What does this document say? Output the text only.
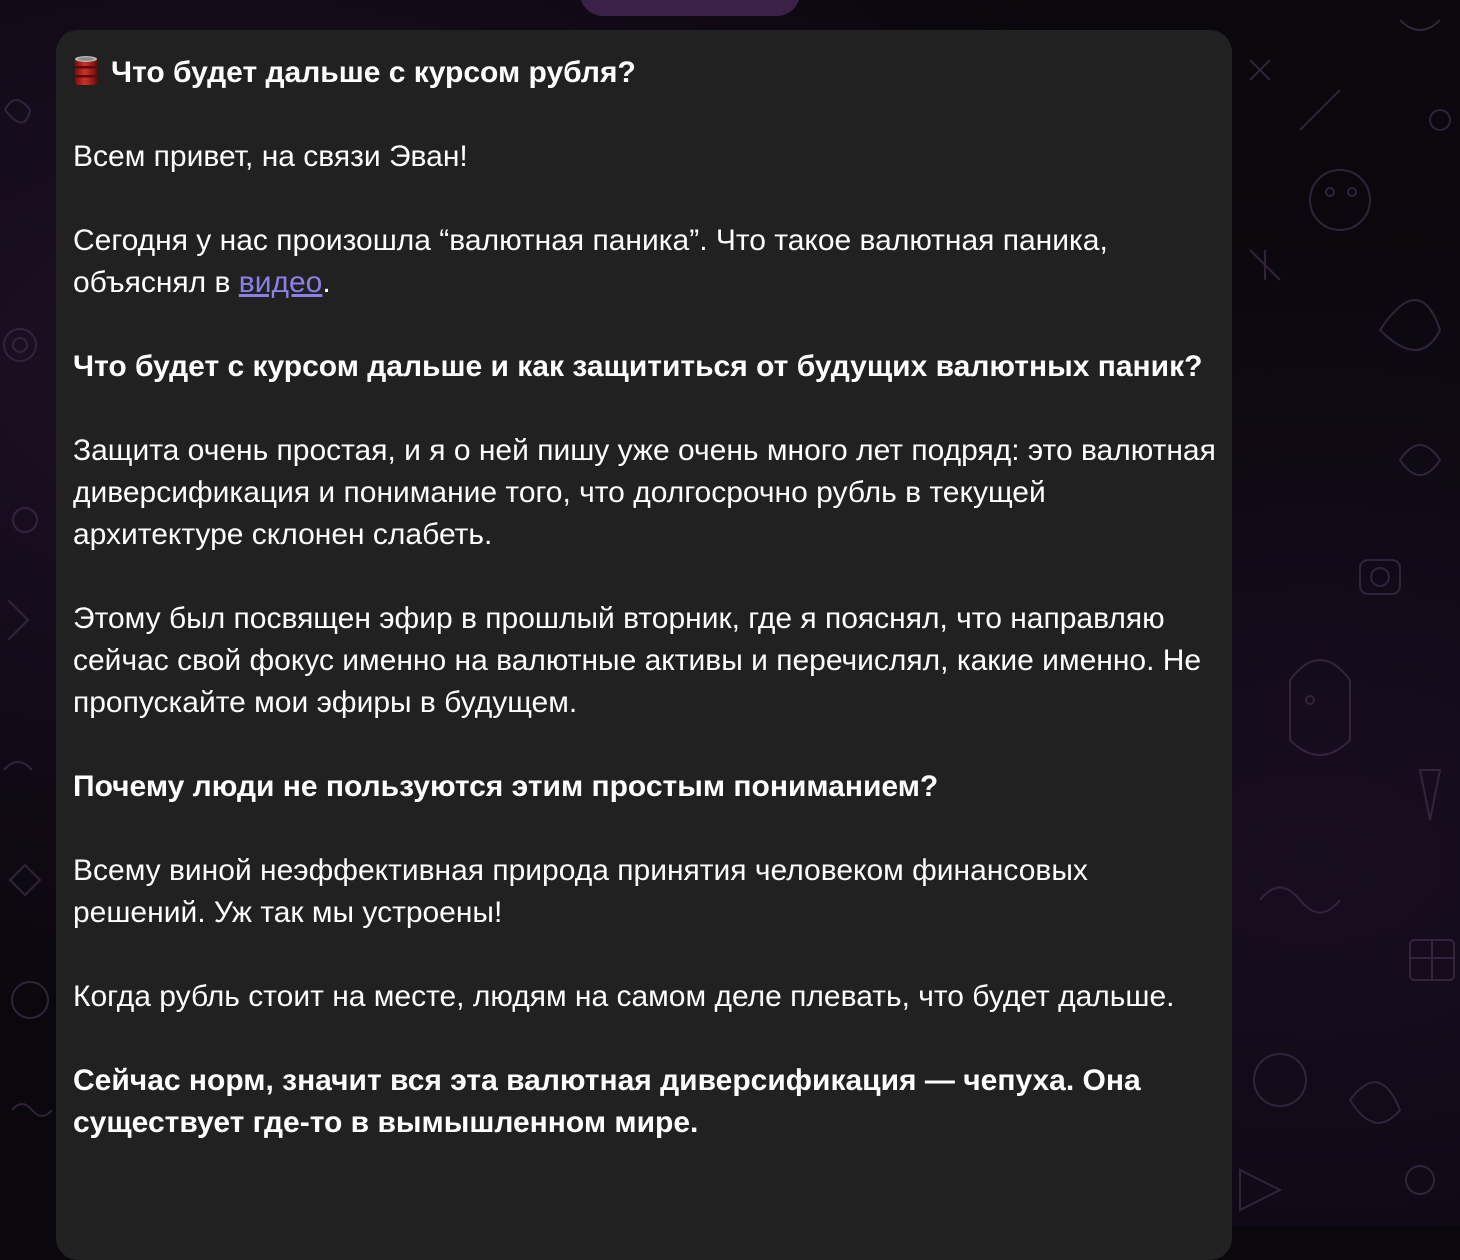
Что будет дальше с курсом рубля?

Всем привет, на связи Эван!

Сегодня у нас произошла “валютная паника”. Что такое валютная паника, объяснял в видео.

Что будет с курсом дальше и как защититься от будущих валютных паник?

Защита очень простая, и я о ней пишу уже очень много лет подряд: это валютная диверсификация и понимание того, что долгосрочно рубль в текущей архитектуре склонен слабеть.

Этому был посвящен эфир в прошлый вторник, где я пояснял, что направляю сейчас свой фокус именно на валютные активы и перечислял, какие именно. Не пропускайте мои эфиры в будущем.

Почему люди не пользуются этим простым пониманием?

Всему виной неэффективная природа принятия человеком финансовых решений. Уж так мы устроены!

Когда рубль стоит на месте, людям на самом деле плевать, что будет дальше.

Сейчас норм, значит вся эта валютная диверсификация — чепуха. Она существует где-то в вымышленном мире.
